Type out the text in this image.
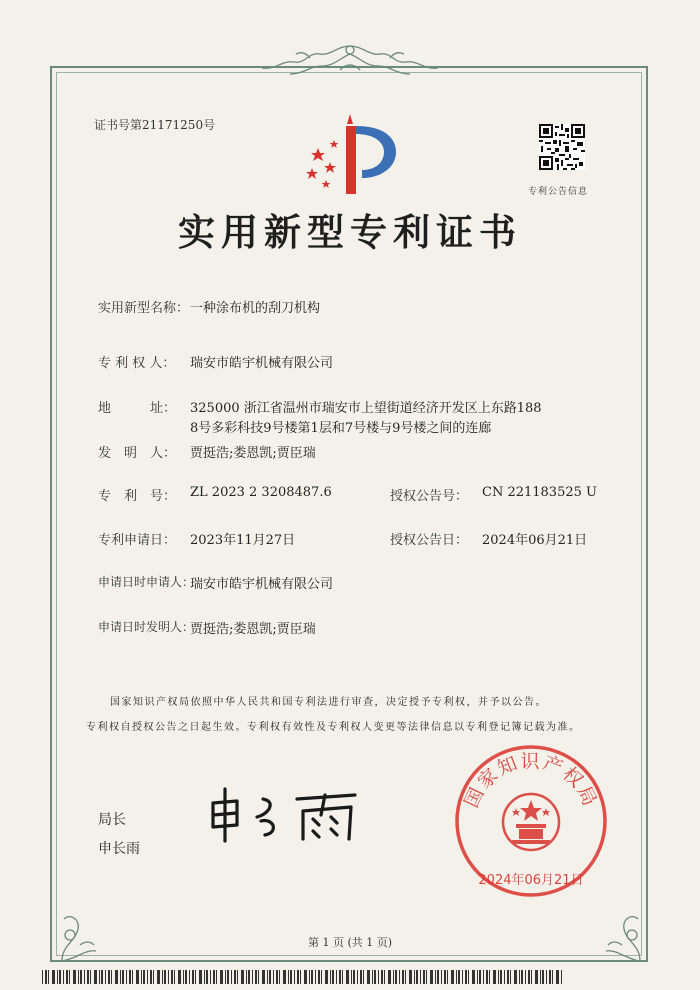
证书号第21171250号
专利公告信息
实用新型专利证书
实用新型名称： 一种涂布机的刮刀机构
专 利 权 人： 瑞安市皓宇机械有限公司
地　　　址： 325000 浙江省温州市瑞安市上望街道经济开发区上东路188
8号多彩科技9号楼第1层和7号楼与9号楼之间的连廊
发　明　人： 贾挺浩;娄恩凯;贾臣瑞
专　利　号： ZL 2023 2 3208487.6	授权公告号： CN 221183525 U
专利申请日： 2023年11月27日	授权公告日： 2024年06月21日
申请日时申请人：
瑞安市皓宇机械有限公司
申请日时发明人：
贾挺浩;娄恩凯;贾臣瑞
国家知识产权局依照中华人民共和国专利法进行审查，决定授予专利权，并予以公告。
专利权自授权公告之日起生效。专利权有效性及专利权人变更等法律信息以专利登记簿记载为准。
局长
申长雨
国家知识产权局
2024年06月21日
第 1 页 (共 1 页)
